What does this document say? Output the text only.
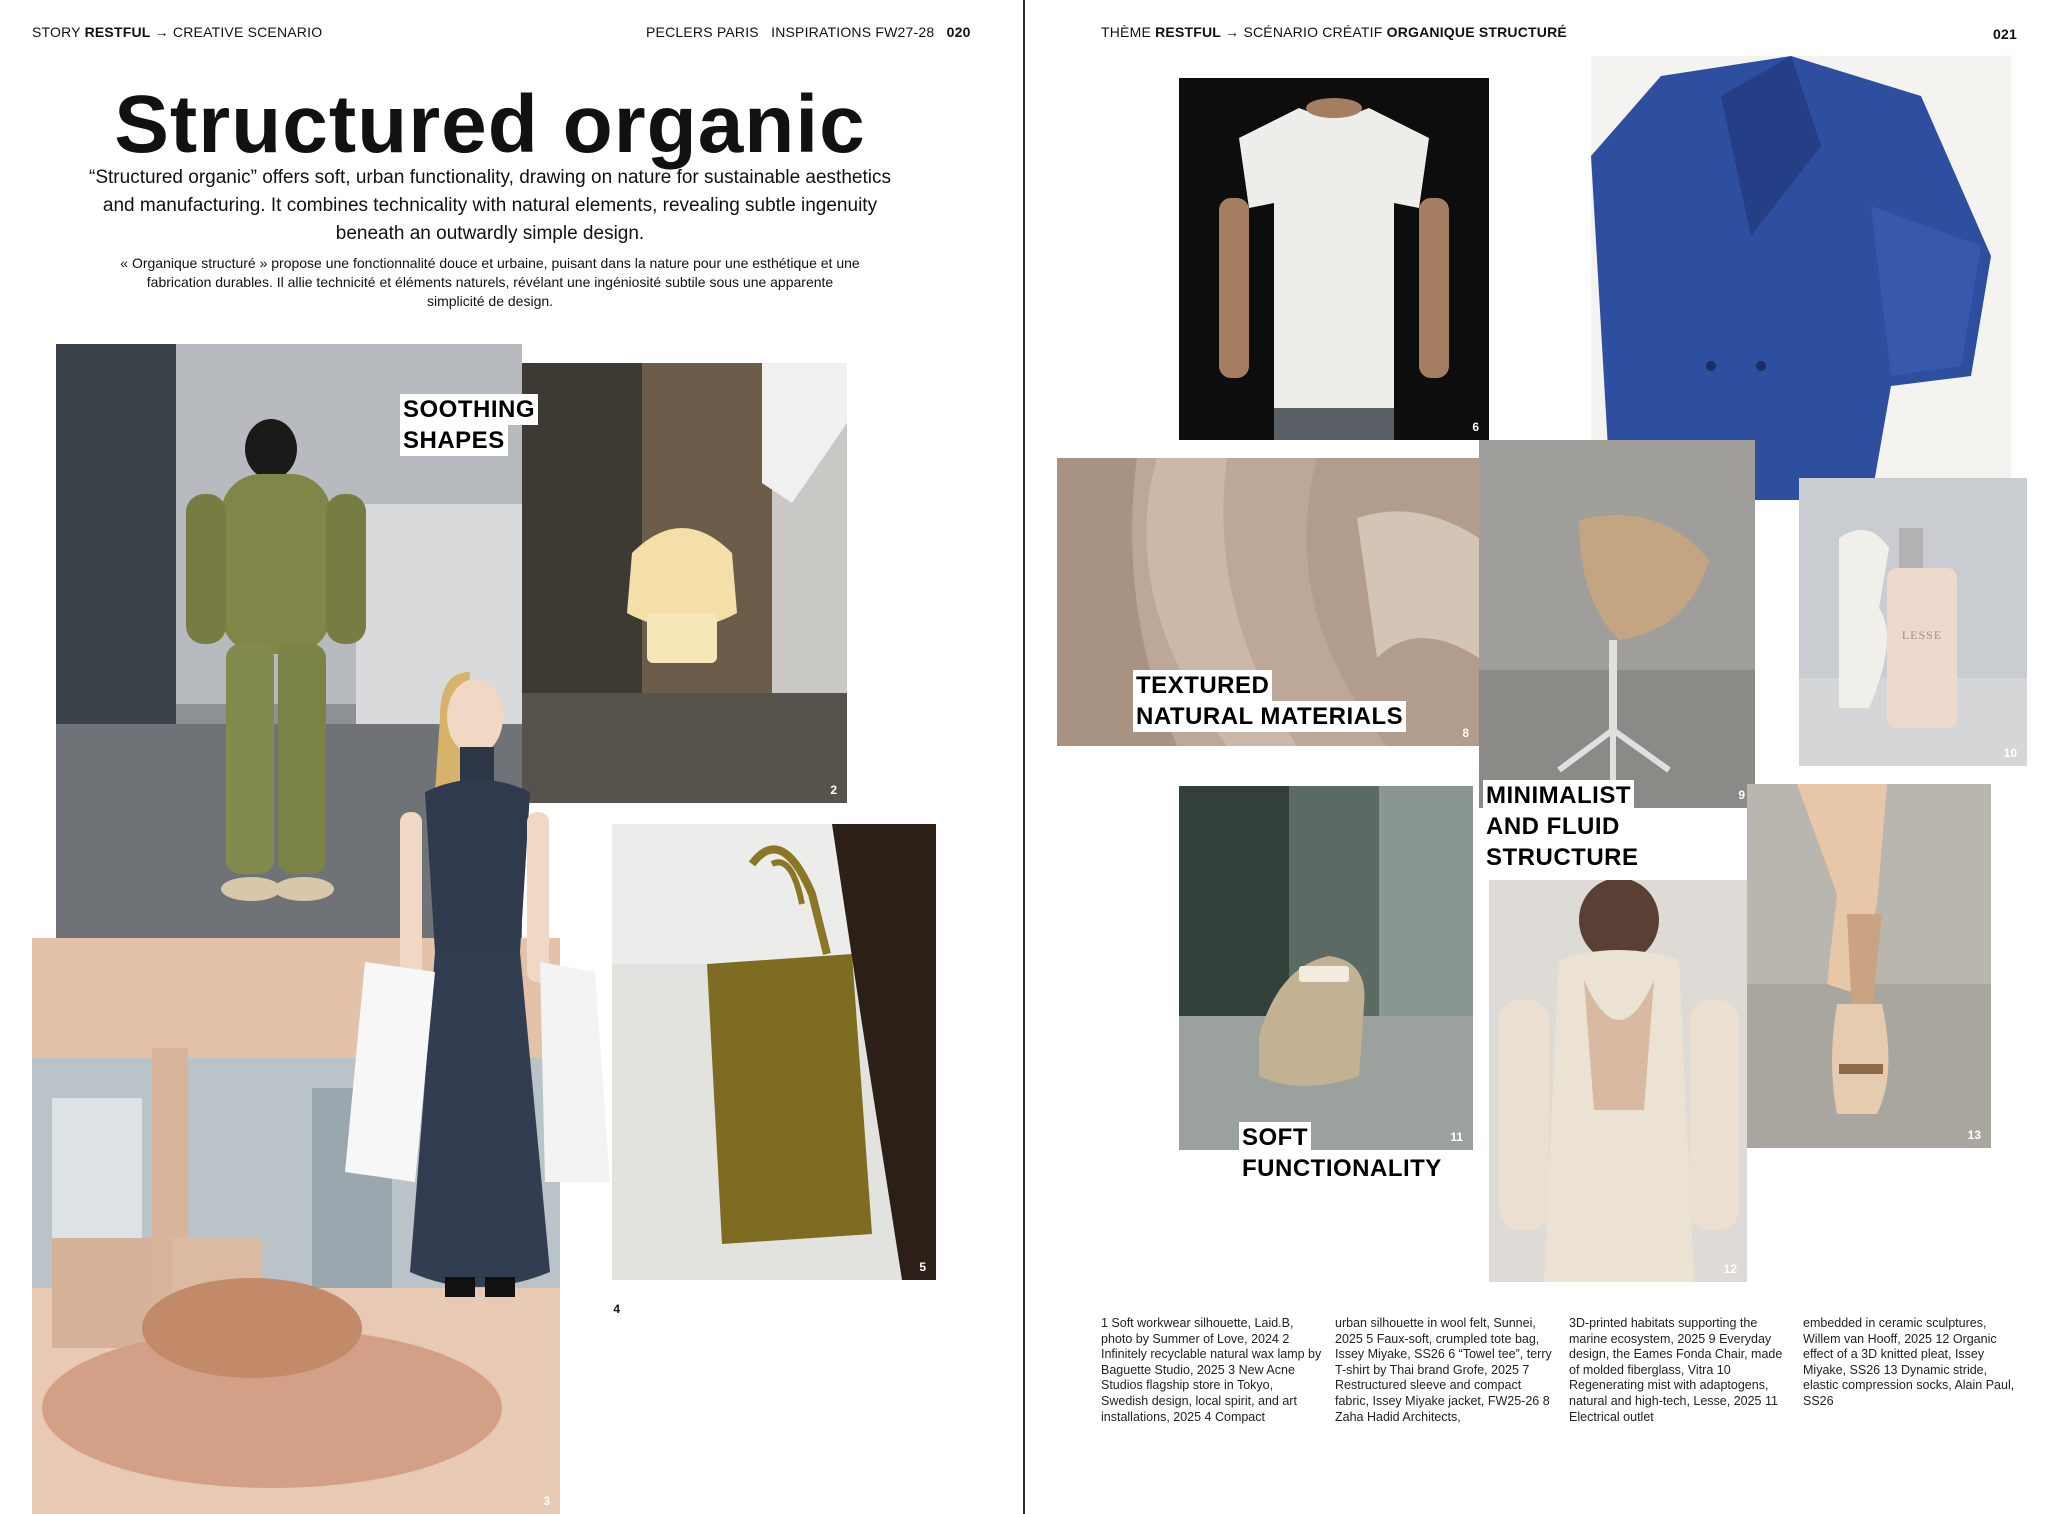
STORY RESTFUL → CREATIVE SCENARIO	PECLERS PARIS INSPIRATIONS FW27-28 020
Structured organic
“Structured organic” offers soft, urban functionality, drawing on nature for sustainable aesthetics and manufacturing. It combines technicality with natural elements, revealing subtle ingenuity beneath an outwardly simple design.
« Organique structuré » propose une fonctionnalité douce et urbaine, puisant dans la nature pour une esthétique et une fabrication durables. Il allie technicité et éléments naturels, révélant une ingéniosité subtile sous une apparente simplicité de design.
2
5
3
4
SOOTHING
SHAPES
THÈME RESTFUL → SCÉNARIO CRÉATIF ORGANIQUE STRUCTURÉ	021
6
8
9
LESSE
10
11
12
13
TEXTURED
NATURAL MATERIALS
MINIMALIST
AND FLUID
STRUCTURE
SOFT
FUNCTIONALITY
1 Soft workwear silhouette, Laid.B, photo by Summer of Love, 2024 2 Infinitely recyclable natural wax lamp by Baguette Studio, 2025 3 New Acne Studios flagship store in Tokyo, Swedish design, local spirit, and art installations, 2025 4 Compact
urban silhouette in wool felt, Sunnei, 2025 5 Faux-soft, crumpled tote bag, Issey Miyake, SS26 6 “Towel tee”, terry T-shirt by Thai brand Grofe, 2025 7 Restructured sleeve and compact fabric, Issey Miyake jacket, FW25-26 8 Zaha Hadid Architects,
3D-printed habitats supporting the marine ecosystem, 2025 9 Everyday design, the Eames Fonda Chair, made of molded fiberglass, Vitra 10 Regenerating mist with adaptogens, natural and high-tech, Lesse, 2025 11 Electrical outlet
embedded in ceramic sculptures, Willem van Hooff, 2025 12 Organic effect of a 3D knitted pleat, Issey Miyake, SS26 13 Dynamic stride, elastic compression socks, Alain Paul, SS26
